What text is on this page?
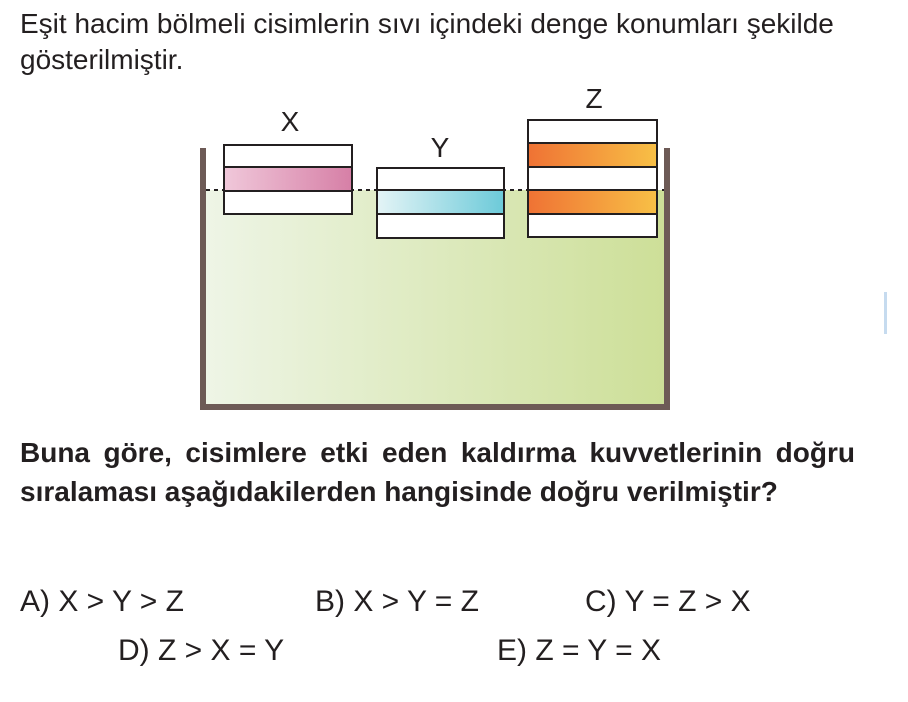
Eşit hacim bölmeli cisimlerin sıvı içindeki denge konumları şekilde gösterilmiştir.

X
Y
Z

Buna göre, cisimlere etki eden kaldırma kuvvetlerinin doğru sıralaması aşağıdakilerden hangisinde doğru verilmiştir?

A) X > Y > Z	B) X > Y = Z	C) Y = Z > X
D) Z > X = Y	E) Z = Y = X
